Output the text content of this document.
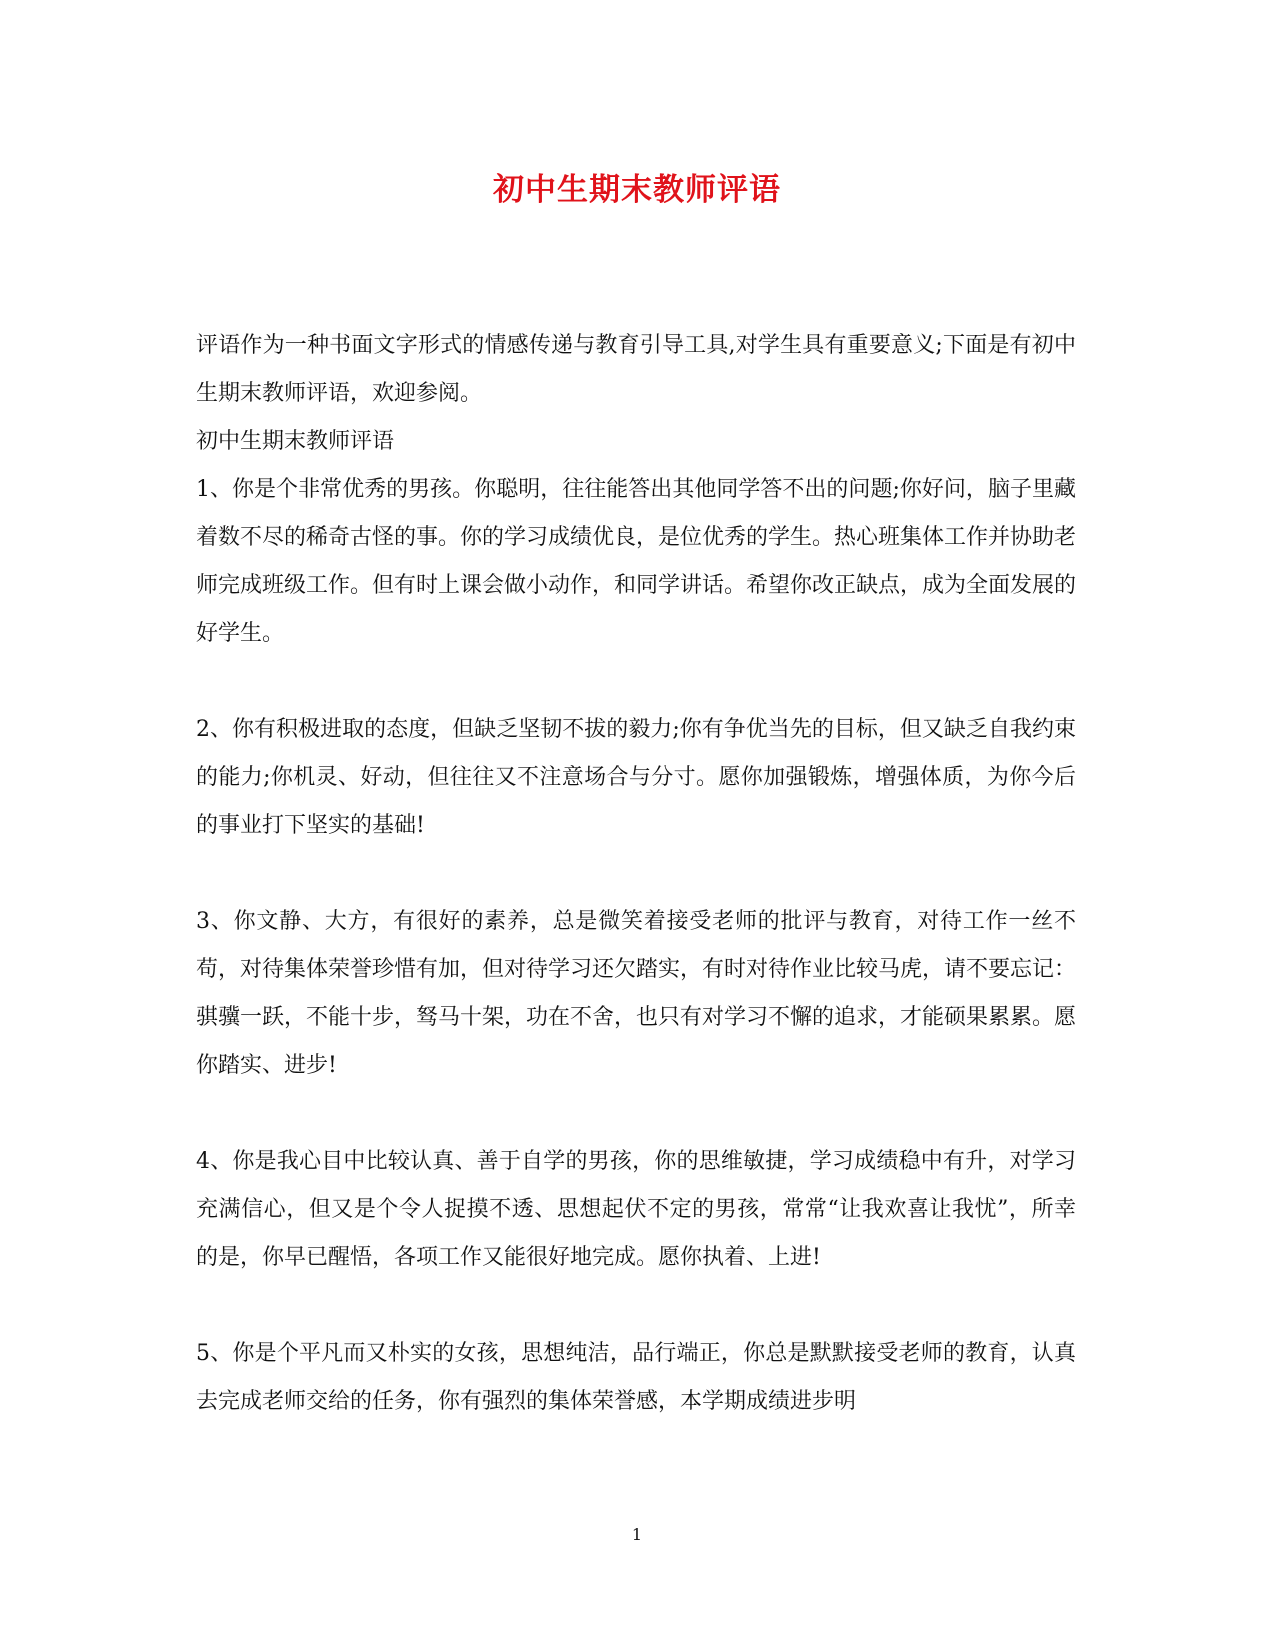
初中生期末教师评语

评语作为一种书面文字形式的情感传递与教育引导工具,对学生具有重要意义;下面是有初中生期末教师评语，欢迎参阅。

初中生期末教师评语

1、你是个非常优秀的男孩。你聪明，往往能答出其他同学答不出的问题;你好问，脑子里藏着数不尽的稀奇古怪的事。你的学习成绩优良，是位优秀的学生。热心班集体工作并协助老师完成班级工作。但有时上课会做小动作，和同学讲话。希望你改正缺点，成为全面发展的好学生。

2、你有积极进取的态度，但缺乏坚韧不拔的毅力;你有争优当先的目标，但又缺乏自我约束的能力;你机灵、好动，但往往又不注意场合与分寸。愿你加强锻炼，增强体质，为你今后的事业打下坚实的基础!

3、你文静、大方，有很好的素养，总是微笑着接受老师的批评与教育，对待工作一丝不苟，对待集体荣誉珍惜有加，但对待学习还欠踏实，有时对待作业比较马虎，请不要忘记：骐骥一跃，不能十步，驽马十架，功在不舍，也只有对学习不懈的追求，才能硕果累累。愿你踏实、进步!

4、你是我心目中比较认真、善于自学的男孩，你的思维敏捷，学习成绩稳中有升，对学习充满信心，但又是个令人捉摸不透、思想起伏不定的男孩，常常“让我欢喜让我忧”，所幸的是，你早已醒悟，各项工作又能很好地完成。愿你执着、上进!

5、你是个平凡而又朴实的女孩，思想纯洁，品行端正，你总是默默接受老师的教育，认真去完成老师交给的任务，你有强烈的集体荣誉感，本学期成绩进步明

1
